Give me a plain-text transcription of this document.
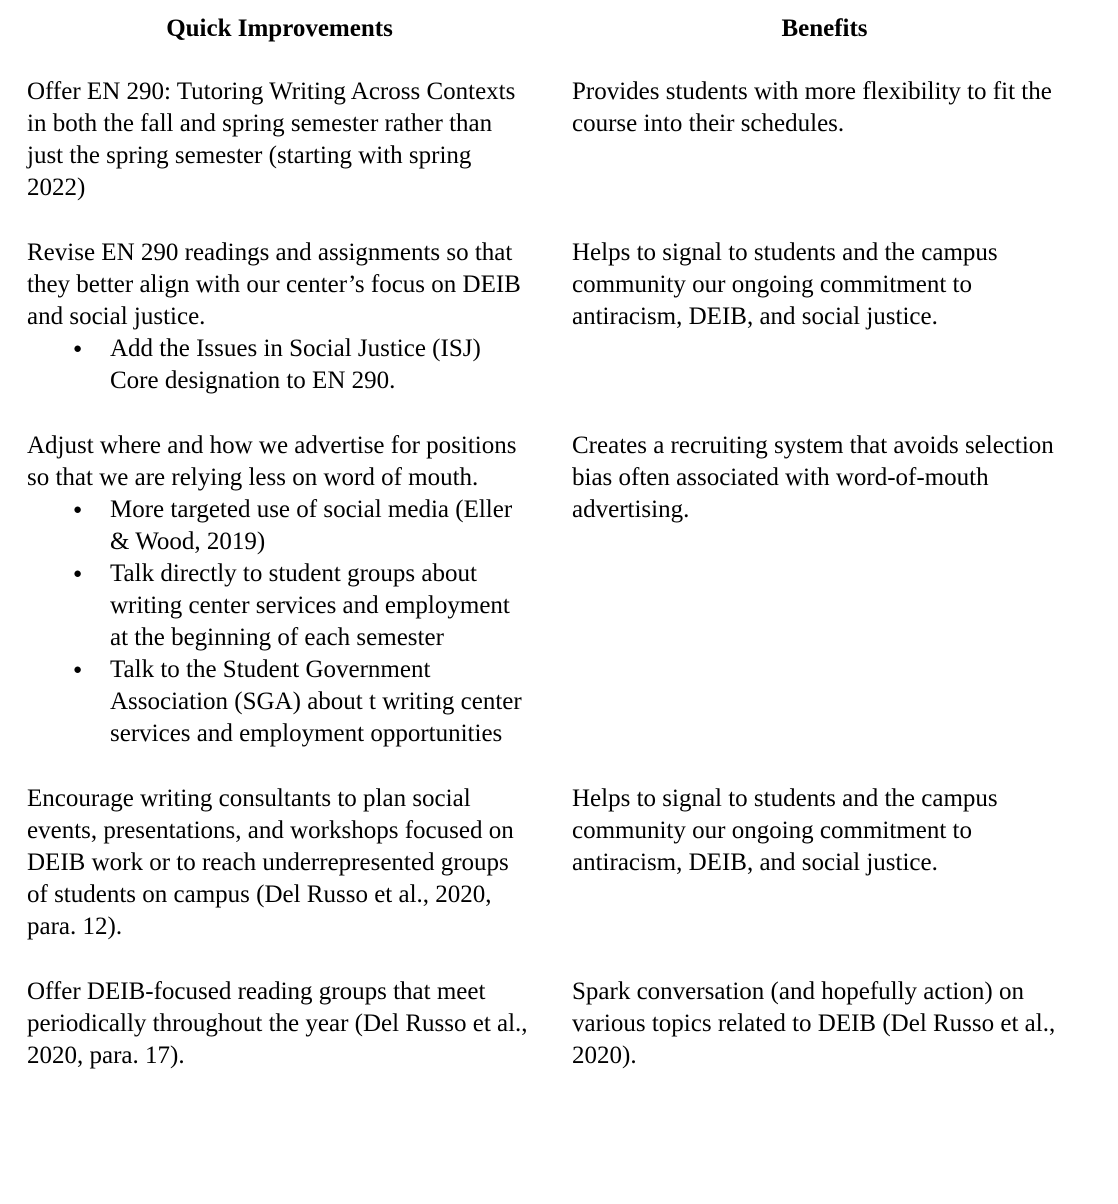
Quick Improvements	Benefits

Offer EN 290: Tutoring Writing Across Contexts in both the fall and spring semester rather than just the spring semester (starting with spring 2022)

Provides students with more flexibility to fit the course into their schedules.

Revise EN 290 readings and assignments so that they better align with our center’s focus on DEIB and social justice.

● Add the Issues in Social Justice (ISJ) Core designation to EN 290.

Helps to signal to students and the campus community our ongoing commitment to antiracism, DEIB, and social justice.

Adjust where and how we advertise for positions so that we are relying less on word of mouth.

● More targeted use of social media (Eller & Wood, 2019)
● Talk directly to student groups about writing center services and employment at the beginning of each semester
● Talk to the Student Government Association (SGA) about t writing center services and employment opportunities

Creates a recruiting system that avoids selection bias often associated with word-of-mouth advertising.

Encourage writing consultants to plan social events, presentations, and workshops focused on DEIB work or to reach underrepresented groups of students on campus (Del Russo et al., 2020, para. 12).

Helps to signal to students and the campus community our ongoing commitment to antiracism, DEIB, and social justice.

Offer DEIB-focused reading groups that meet periodically throughout the year (Del Russo et al., 2020, para. 17).

Spark conversation (and hopefully action) on various topics related to DEIB (Del Russo et al., 2020).
